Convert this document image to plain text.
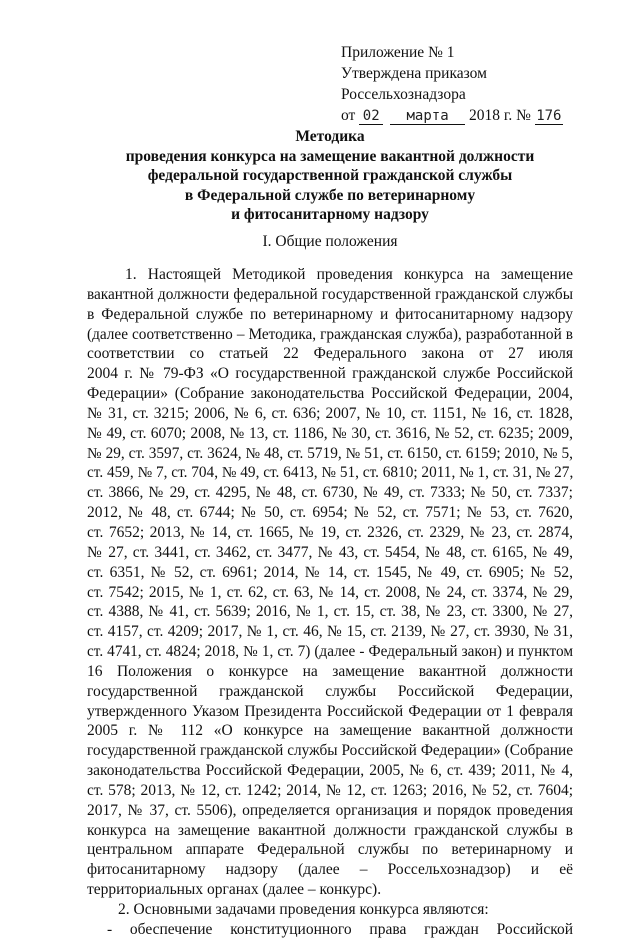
Приложение № 1
Утверждена приказом
Россельхознадзора
от 02 марта 2018 г. № 176
Методика
проведения конкурса на замещение вакантной должности
федеральной государственной гражданской службы
в Федеральной службе по ветеринарному
и фитосанитарному надзору
I. Общие положения
1. Настоящей Методикой проведения конкурса на замещение
вакантной должности федеральной государственной гражданской службы
в Федеральной службе по ветеринарному и фитосанитарному надзору
(далее соответственно – Методика, гражданская служба), разработанной в
соответствии со статьей 22 Федерального закона от 27 июля
2004 г. № 79-ФЗ «О государственной гражданской службе Российской
Федерации» (Собрание законодательства Российской Федерации, 2004,
№ 31, ст. 3215; 2006, № 6, ст. 636; 2007, № 10, ст. 1151, № 16, ст. 1828,
№ 49, ст. 6070; 2008, № 13, ст. 1186, № 30, ст. 3616, № 52, ст. 6235; 2009,
№ 29, ст. 3597, ст. 3624, № 48, ст. 5719, № 51, ст. 6150, ст. 6159; 2010, № 5,
ст. 459, № 7, ст. 704, № 49, ст. 6413, № 51, ст. 6810; 2011, № 1, ст. 31, № 27,
ст. 3866, № 29, ст. 4295, № 48, ст. 6730, № 49, ст. 7333; № 50, ст. 7337;
2012, № 48, ст. 6744; № 50, ст. 6954; № 52, ст. 7571; № 53, ст. 7620,
ст. 7652; 2013, № 14, ст. 1665, № 19, ст. 2326, ст. 2329, № 23, ст. 2874,
№ 27, ст. 3441, ст. 3462, ст. 3477, № 43, ст. 5454, № 48, ст. 6165, № 49,
ст. 6351, № 52, ст. 6961; 2014, № 14, ст. 1545, № 49, ст. 6905; № 52,
ст. 7542; 2015, № 1, ст. 62, ст. 63, № 14, ст. 2008, № 24, ст. 3374, № 29,
ст. 4388, № 41, ст. 5639; 2016, № 1, ст. 15, ст. 38, № 23, ст. 3300, № 27,
ст. 4157, ст. 4209; 2017, № 1, ст. 46, № 15, ст. 2139, № 27, ст. 3930, № 31,
ст. 4741, ст. 4824; 2018, № 1, ст. 7) (далее - Федеральный закон) и пунктом
16 Положения о конкурсе на замещение вакантной должности
государственной гражданской службы Российской Федерации,
утвержденного Указом Президента Российской Федерации от 1 февраля
2005 г. № 112 «О конкурсе на замещение вакантной должности
государственной гражданской службы Российской Федерации» (Собрание
законодательства Российской Федерации, 2005, № 6, ст. 439; 2011, № 4,
ст. 578; 2013, № 12, ст. 1242; 2014, № 12, ст. 1263; 2016, № 52, ст. 7604;
2017, № 37, ст. 5506), определяется организация и порядок проведения
конкурса на замещение вакантной должности гражданской службы в
центральном аппарате Федеральной службы по ветеринарному и
фитосанитарному надзору (далее – Россельхознадзор) и её
территориальных органах (далее – конкурс).
2. Основными задачами проведения конкурса являются:
- обеспечение конституционного права граждан Российской
